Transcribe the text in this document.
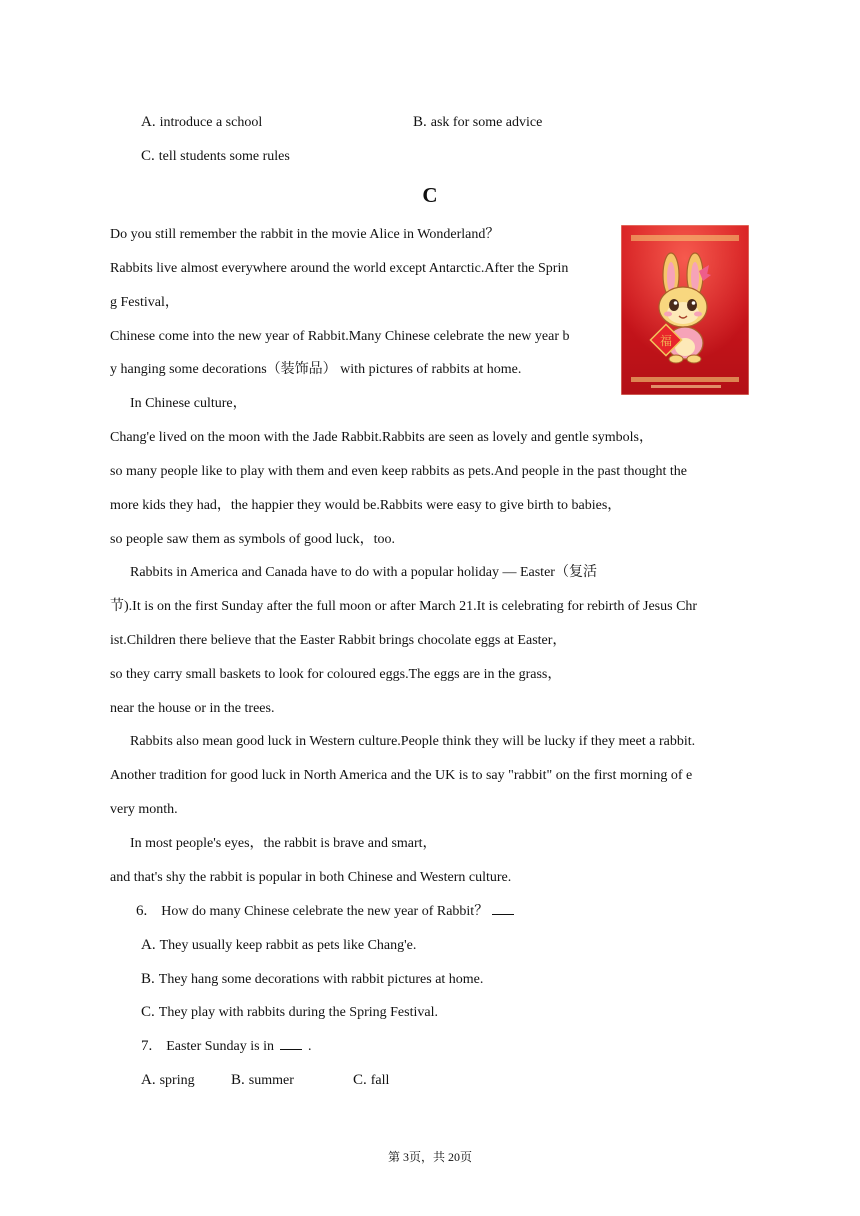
A. introduce a school	B. ask for some advice
C. tell students some rules
C
Do you still remember the rabbit in the movie Alice in Wonderland？
Rabbits live almost everywhere around the world except Antarctic.After the Sprin
g Festival，
Chinese come into the new year of Rabbit.Many Chinese celebrate the new year b
y hanging some decorations（装饰品） with pictures of rabbits at home.
In Chinese culture，
Chang'e lived on the moon with the Jade Rabbit.Rabbits are seen as lovely and gentle symbols，
so many people like to play with them and even keep rabbits as pets.And people in the past thought the
more kids they had，the happier they would be.Rabbits were easy to give birth to babies，
so people saw them as symbols of good luck，too.
Rabbits in America and Canada have to do with a popular holiday — Easter（复活
节).It is on the first Sunday after the full moon or after March 21.It is celebrating for rebirth of Jesus Chr
ist.Children there believe that the Easter Rabbit brings chocolate eggs at Easter，
so they carry small baskets to look for coloured eggs.The eggs are in the grass，
near the house or in the trees.
Rabbits also mean good luck in Western culture.People think they will be lucky if they meet a rabbit.
Another tradition for good luck in North America and the UK is to say "rabbit" on the first morning of e
very month.
In most people's eyes，the rabbit is brave and smart，
and that's shy the rabbit is popular in both Chinese and Western culture.
福
6. How do many Chinese celebrate the new year of Rabbit？
A. They usually keep rabbit as pets like Chang'e.
B. They hang some decorations with rabbit pictures at home.
C. They play with rabbits during the Spring Festival.
7. Easter Sunday is in .
A. spring B. summer	C. fall
第 3页，共 20页
